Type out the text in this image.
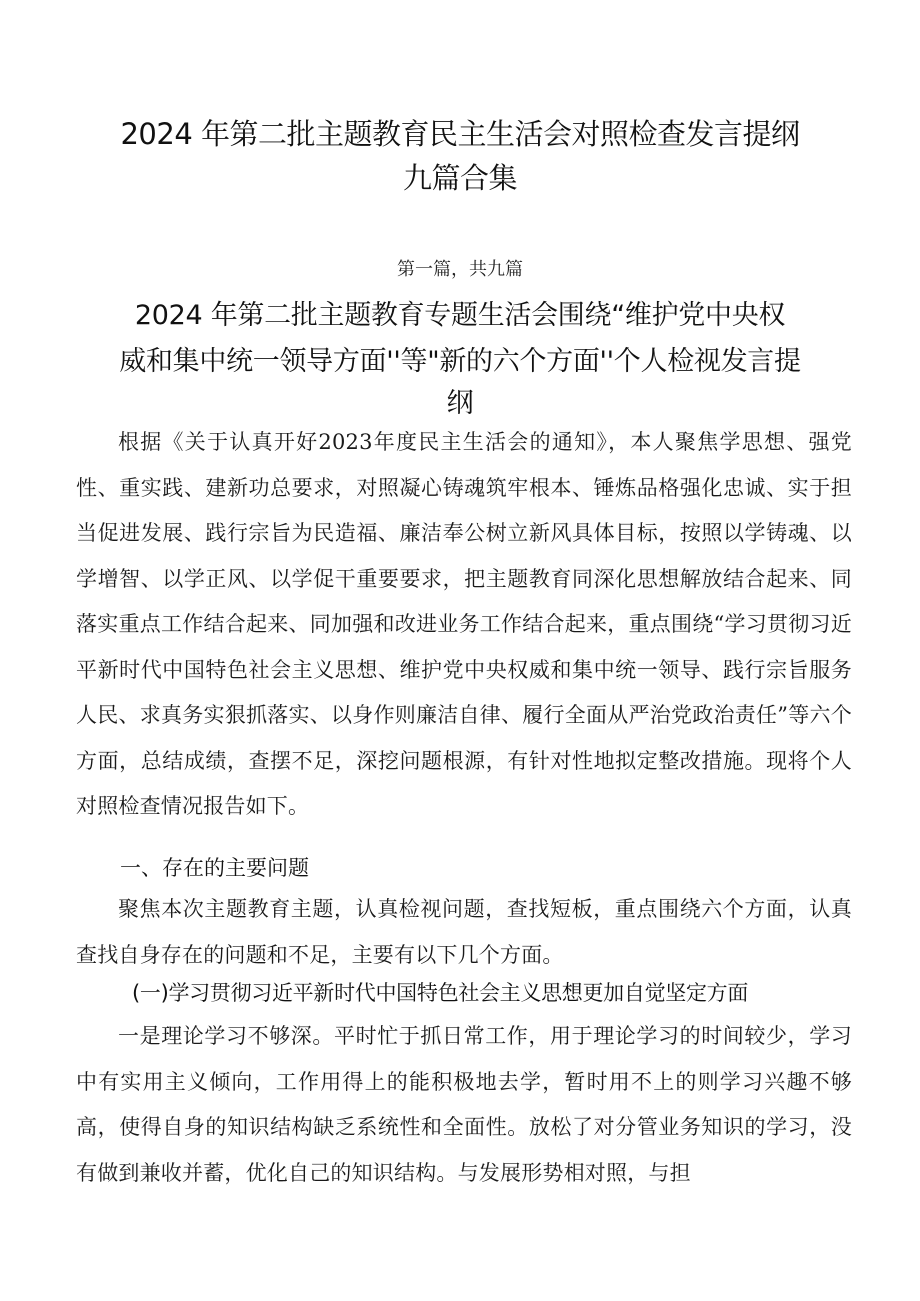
2024 年第二批主题教育民主生活会对照检查发言提纲
九篇合集
第一篇，共九篇
2024 年第二批主题教育专题生活会围绕“维护党中央权
威和集中统一领导方面''等"新的六个方面''个人检视发言提
纲
根据《关于认真开好2023年度民主生活会的通知》，本人聚焦学思想、强党性、重实践、建新功总要求，对照凝心铸魂筑牢根本、锤炼品格强化忠诚、实于担当促进发展、践行宗旨为民造福、廉洁奉公树立新风具体目标，按照以学铸魂、以学增智、以学正风、以学促干重要要求，把主题教育同深化思想解放结合起来、同落实重点工作结合起来、同加强和改进业务工作结合起来，重点围绕“学习贯彻习近平新时代中国特色社会主义思想、维护党中央权威和集中统一领导、践行宗旨服务人民、求真务实狠抓落实、以身作则廉洁自律、履行全面从严治党政治责任”等六个方面，总结成绩，查摆不足，深挖问题根源，有针对性地拟定整改措施。现将个人对照检查情况报告如下。
一、存在的主要问题
聚焦本次主题教育主题，认真检视问题，查找短板，重点围绕六个方面，认真查找自身存在的问题和不足，主要有以下几个方面。
(一)学习贯彻习近平新时代中国特色社会主义思想更加自觉坚定方面
一是理论学习不够深。平时忙于抓日常工作，用于理论学习的时间较少，学习中有实用主义倾向，工作用得上的能积极地去学，暂时用不上的则学习兴趣不够高，使得自身的知识结构缺乏系统性和全面性。放松了对分管业务知识的学习，没有做到兼收并蓄，优化自己的知识结构。与发展形势相对照，与担
